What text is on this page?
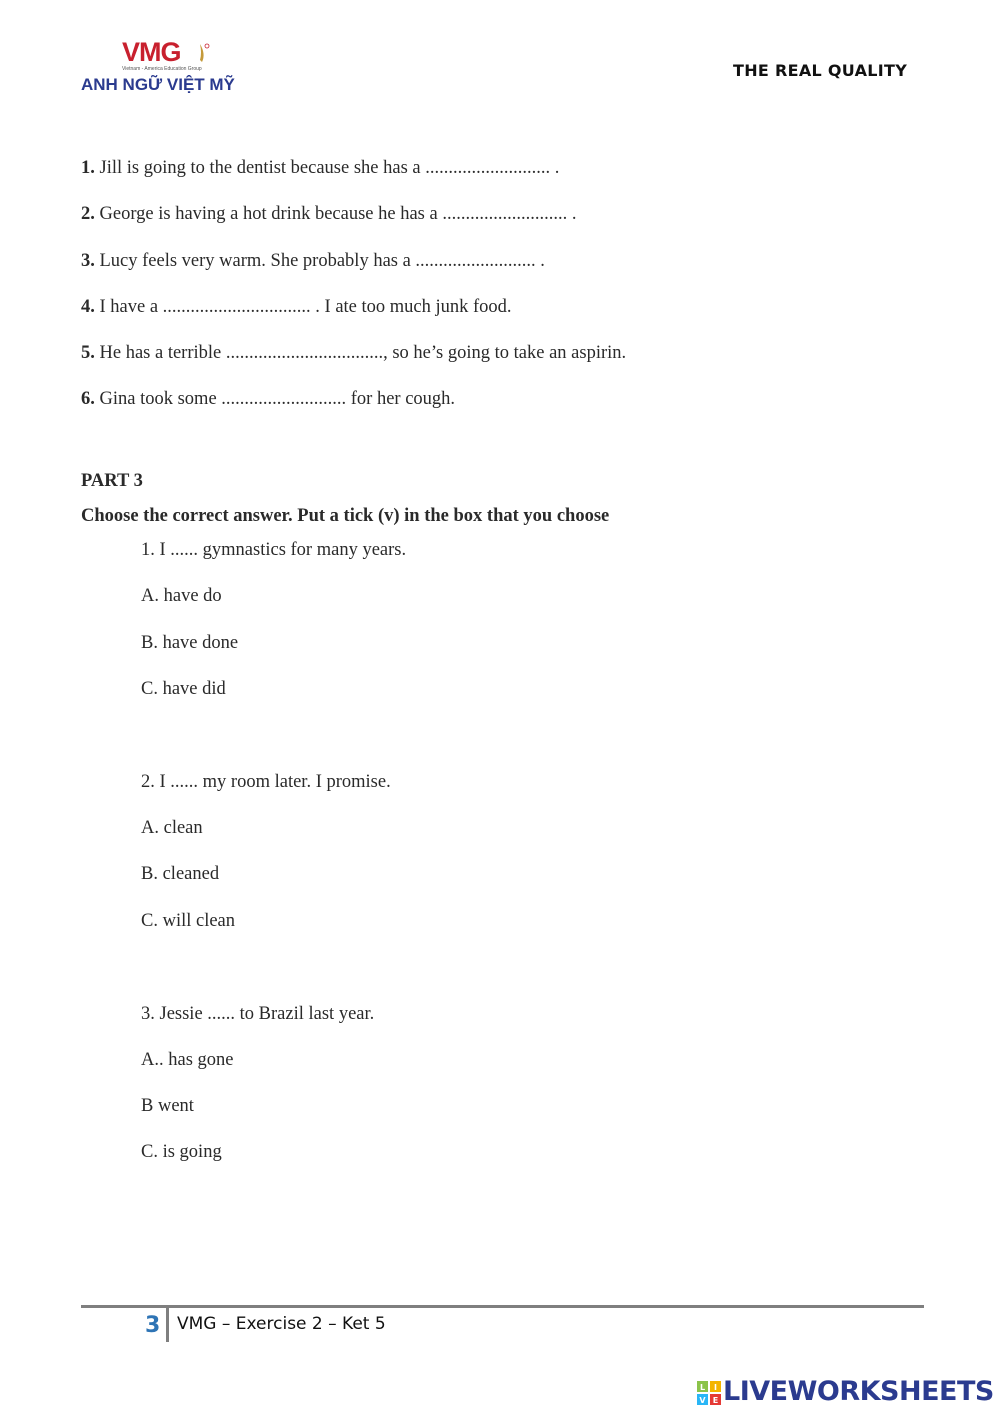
VMG
Vietnam - America Education Group
ANH NGỮ VIỆT MỸ
THE REAL QUALITY
1. Jill is going to the dentist because she has a ........................... .
2. George is having a hot drink because he has a ........................... .
3. Lucy feels very warm. She probably has a .......................... .
4. I have a ................................ . I ate too much junk food.
5. He has a terrible .................................., so he’s going to take an aspirin.
6. Gina took some ........................... for her cough.
PART 3
Choose the correct answer. Put a tick (v) in the box that you choose
1. I ...... gymnastics for many years.
A. have do
B. have done
C. have did
2. I ...... my room later. I promise.
A. clean
B. cleaned
C. will clean
3. Jessie ...... to Brazil last year.
A.. has gone
B went
C. is going
3 VMG – Exercise 2 – Ket 5
L I
V E LIVEWORKSHEETS
